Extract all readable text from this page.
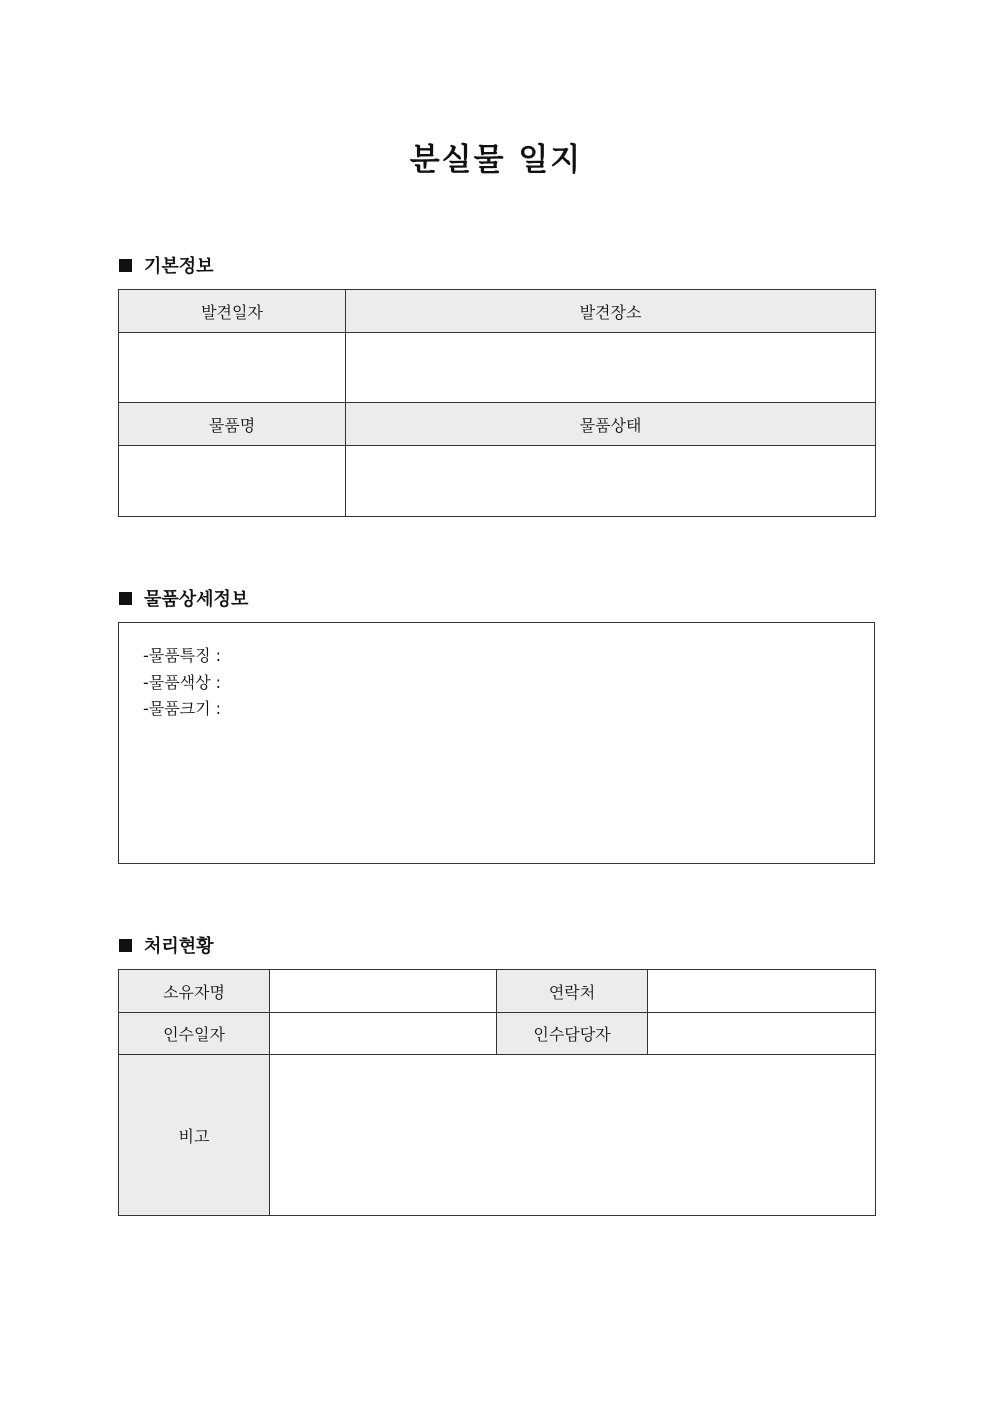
분실물 일지
기본정보
발견일자	발견장소

물품명	물품상태

물품상세정보
-물품특징 :
-물품색상 :
-물품크기 :
처리현황
소유자명		연락처	
인수일자		인수담당자	
비고			
